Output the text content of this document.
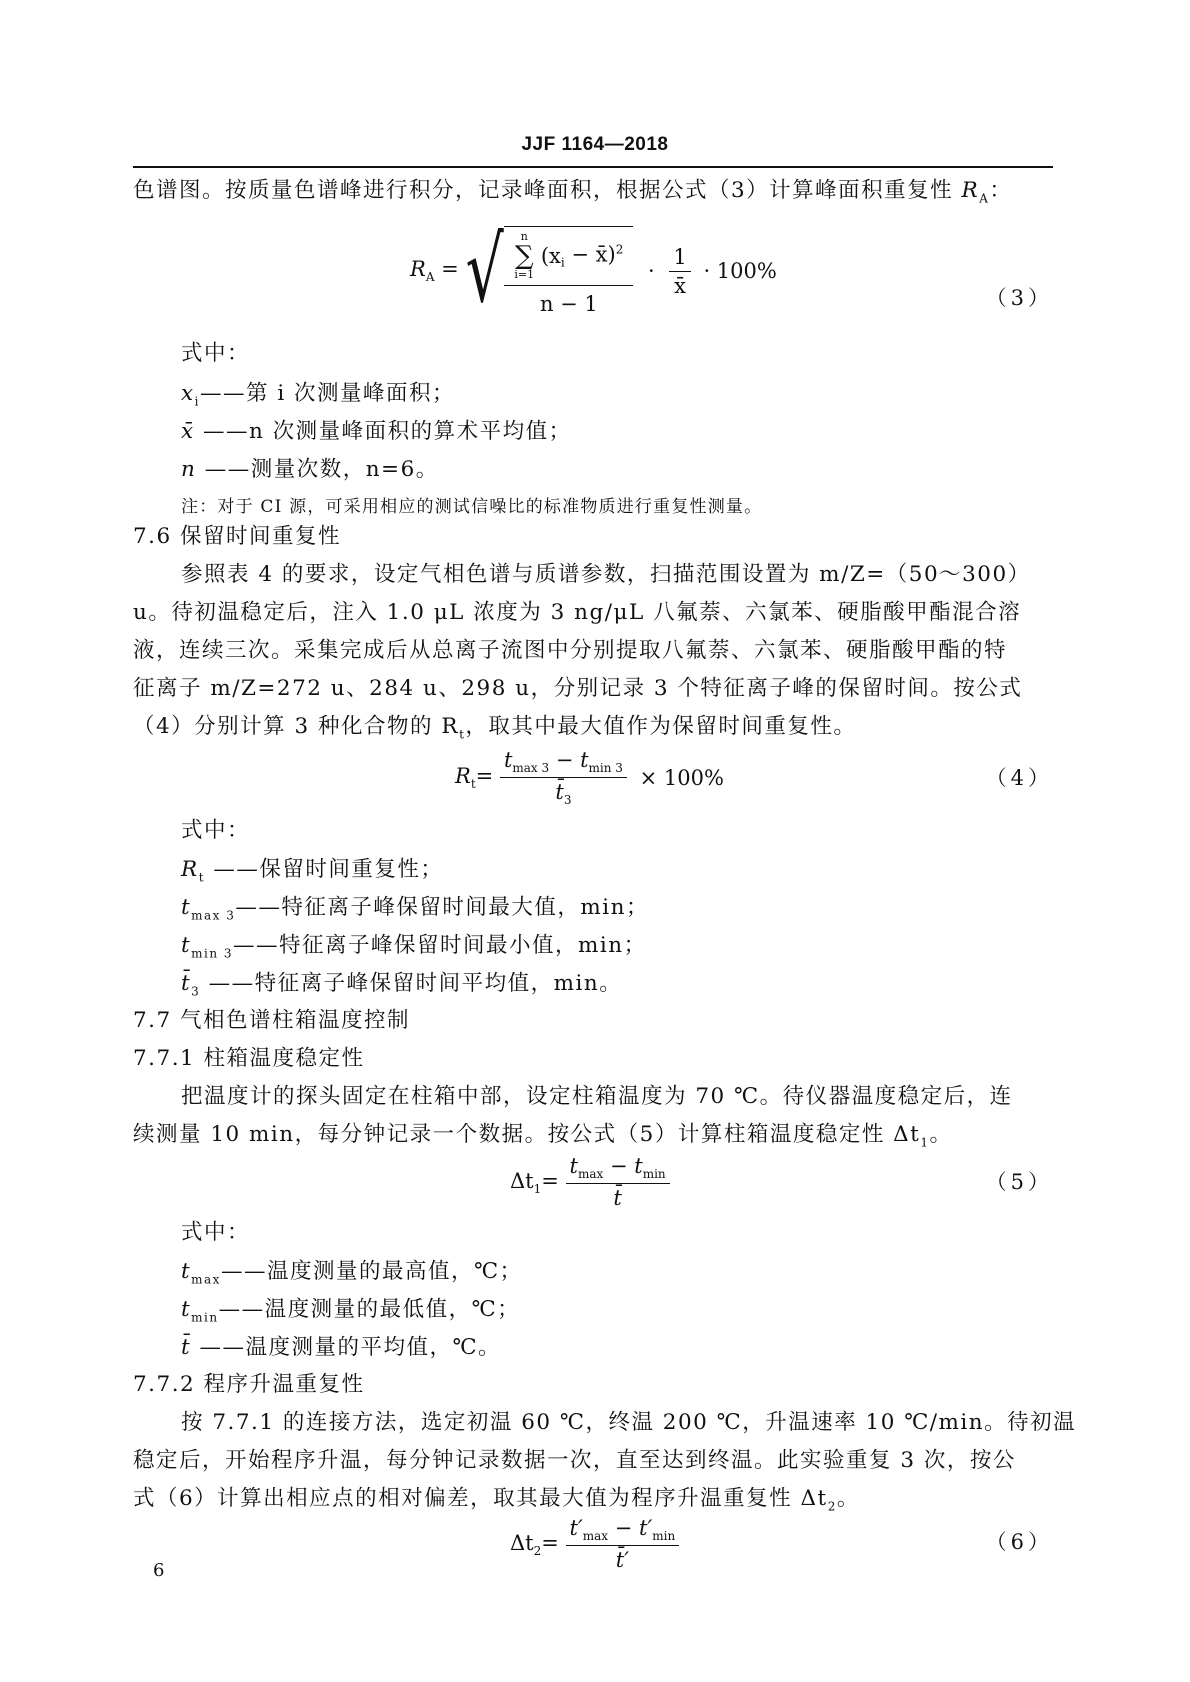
JJF 1164—2018
色谱图。按质量色谱峰进行积分，记录峰面积，根据公式（3）计算峰面积重复性 $R_A$：
$R_A$ = √ n
∑
i=1
($x_i$ − x̄)$^2$
$n - 1 \cdot \frac{1}{x̄} \cdot 100\%$
（3）
式中：
$x_i——$第 i 次测量峰面积；
x̄ ——n 次测量峰面积的算术平均值；
n ——测量次数，n=6。
注：对于 CI 源，可采用相应的测试信噪比的标准物质进行重复性测量。
7.6 保留时间重复性
参照表 4 的要求，设定气相色谱与质谱参数，扫描范围设置为 m/Z=（50～300）
u。待初温稳定后，注入 1.0 μL 浓度为 3 ng/μL 八氟萘、六氯苯、硬脂酸甲酯混合溶
液，连续三次。采集完成后从总离子流图中分别提取八氟萘、六氯苯、硬脂酸甲酯的特
征离子 m/Z=272 u、284 u、298 u，分别记录 3 个特征离子峰的保留时间。按公式
（4）分别计算 3 种化合物的 $R_t$，取其中最大值作为保留时间重复性。
$R_t= \frac{t_{max 3} - t_{min 3}}{t̄_3} \times 100\%$	（4）
式中：
$R_t$ ——保留时间重复性；
$t_{max 3}——$特征离子峰保留时间最大值，min；
$t_{min 3}——$特征离子峰保留时间最小值，min；
$t̄_3$ ——特征离子峰保留时间平均值，min。
7.7 气相色谱柱箱温度控制
7.7.1 柱箱温度稳定性
把温度计的探头固定在柱箱中部，设定柱箱温度为 70 ℃。待仪器温度稳定后，连
续测量 10 min，每分钟记录一个数据。按公式（5）计算柱箱温度稳定性 $\Delta t_1$。
$\Delta t_1= \frac{t_{max} - t_{min}}{t̄}$	（5）
式中：
$t_{max}——$温度测量的最高值，℃；
$t_{min}——$温度测量的最低值，℃；
t̄ ——温度测量的平均值，℃。
7.7.2 程序升温重复性
按 7.7.1 的连接方法，选定初温 60 ℃，终温 200 ℃，升温速率 10 ℃/min。待初温
稳定后，开始程序升温，每分钟记录数据一次，直至达到终温。此实验重复 3 次，按公
式（6）计算出相应点的相对偏差，取其最大值为程序升温重复性 $\Delta t_2$。
$\Delta t_2= \frac{t'_{max} - t'_{min}}{t̄'}$	（6）
6
